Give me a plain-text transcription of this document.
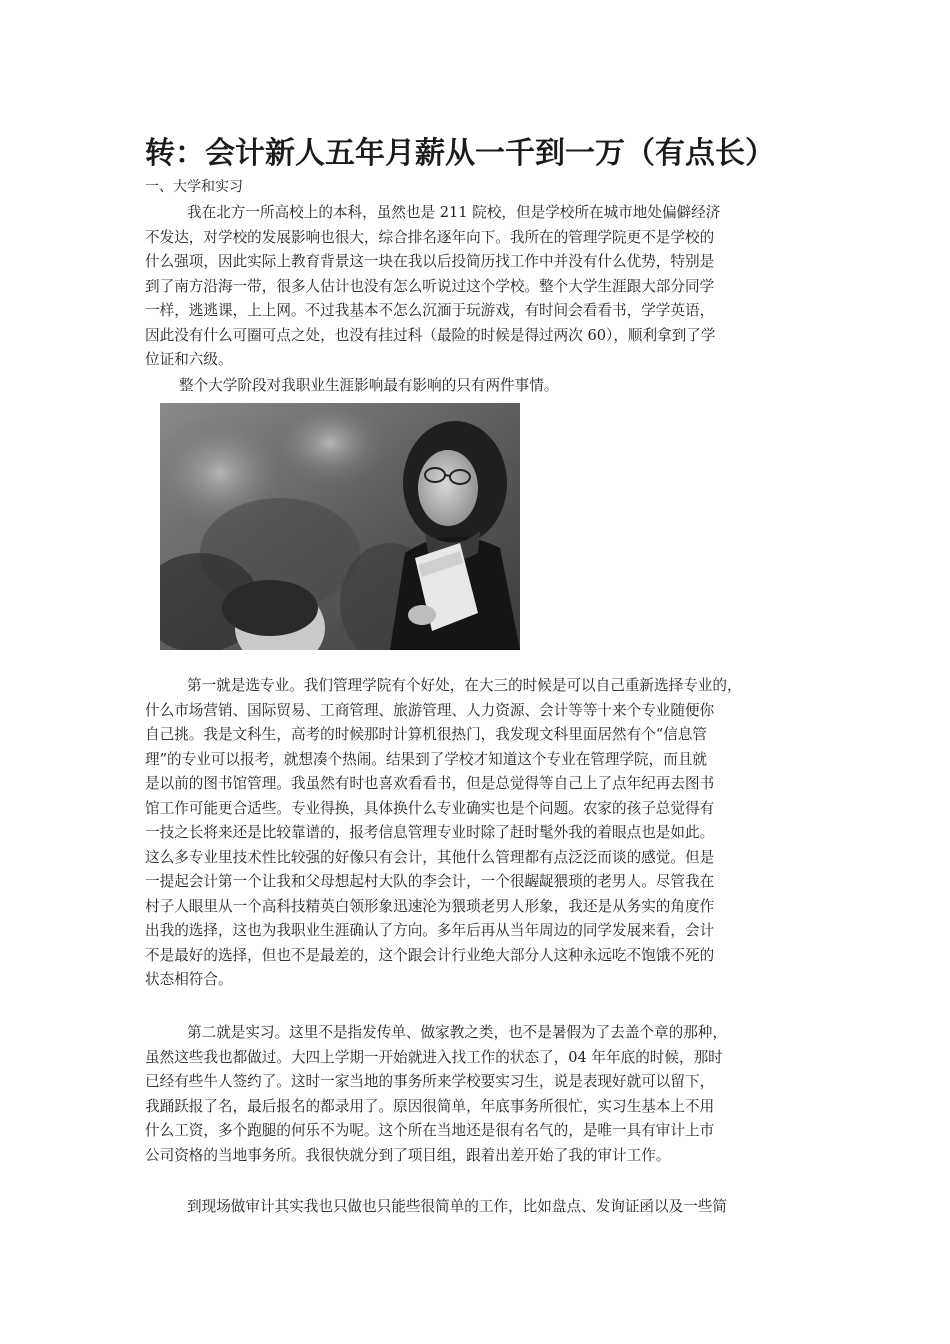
转：会计新人五年月薪从一千到一万（有点长）

一、大学和实习

我在北方一所高校上的本科，虽然也是 211 院校，但是学校所在城市地处偏僻经济
不发达，对学校的发展影响也很大，综合排名逐年向下。我所在的管理学院更不是学校的
什么强项，因此实际上教育背景这一块在我以后投简历找工作中并没有什么优势，特别是
到了南方沿海一带，很多人估计也没有怎么听说过这个学校。整个大学生涯跟大部分同学
一样，逃逃课，上上网。不过我基本不怎么沉湎于玩游戏，有时间会看看书，学学英语，
因此没有什么可圈可点之处，也没有挂过科（最险的时候是得过两次 60），顺利拿到了学
位证和六级。
整个大学阶段对我职业生涯影响最有影响的只有两件事情。
第一就是选专业。我们管理学院有个好处，在大三的时候是可以自己重新选择专业的，
什么市场营销、国际贸易、工商管理、旅游管理、人力资源、会计等等十来个专业随便你
自己挑。我是文科生，高考的时候那时计算机很热门，我发现文科里面居然有个“信息管
理”的专业可以报考，就想凑个热闹。结果到了学校才知道这个专业在管理学院，而且就
是以前的图书馆管理。我虽然有时也喜欢看看书，但是总觉得等自己上了点年纪再去图书
馆工作可能更合适些。专业得换，具体换什么专业确实也是个问题。农家的孩子总觉得有
一技之长将来还是比较靠谱的，报考信息管理专业时除了赶时髦外我的着眼点也是如此。
这么多专业里技术性比较强的好像只有会计，其他什么管理都有点泛泛而谈的感觉。但是
一提起会计第一个让我和父母想起村大队的李会计，一个很龌龊猥琐的老男人。尽管我在
村子人眼里从一个高科技精英白领形象迅速沦为猥琐老男人形象，我还是从务实的角度作
出我的选择，这也为我职业生涯确认了方向。多年后再从当年周边的同学发展来看，会计
不是最好的选择，但也不是最差的，这个跟会计行业绝大部分人这种永远吃不饱饿不死的
状态相符合。
第二就是实习。这里不是指发传单、做家教之类，也不是暑假为了去盖个章的那种，
虽然这些我也都做过。大四上学期一开始就进入找工作的状态了，04 年年底的时候，那时
已经有些牛人签约了。这时一家当地的事务所来学校要实习生，说是表现好就可以留下，
我踊跃报了名，最后报名的都录用了。原因很简单，年底事务所很忙，实习生基本上不用
什么工资，多个跑腿的何乐不为呢。这个所在当地还是很有名气的，是唯一具有审计上市
公司资格的当地事务所。我很快就分到了项目组，跟着出差开始了我的审计工作。
到现场做审计其实我也只做也只能些很简单的工作，比如盘点、发询证函以及一些简
